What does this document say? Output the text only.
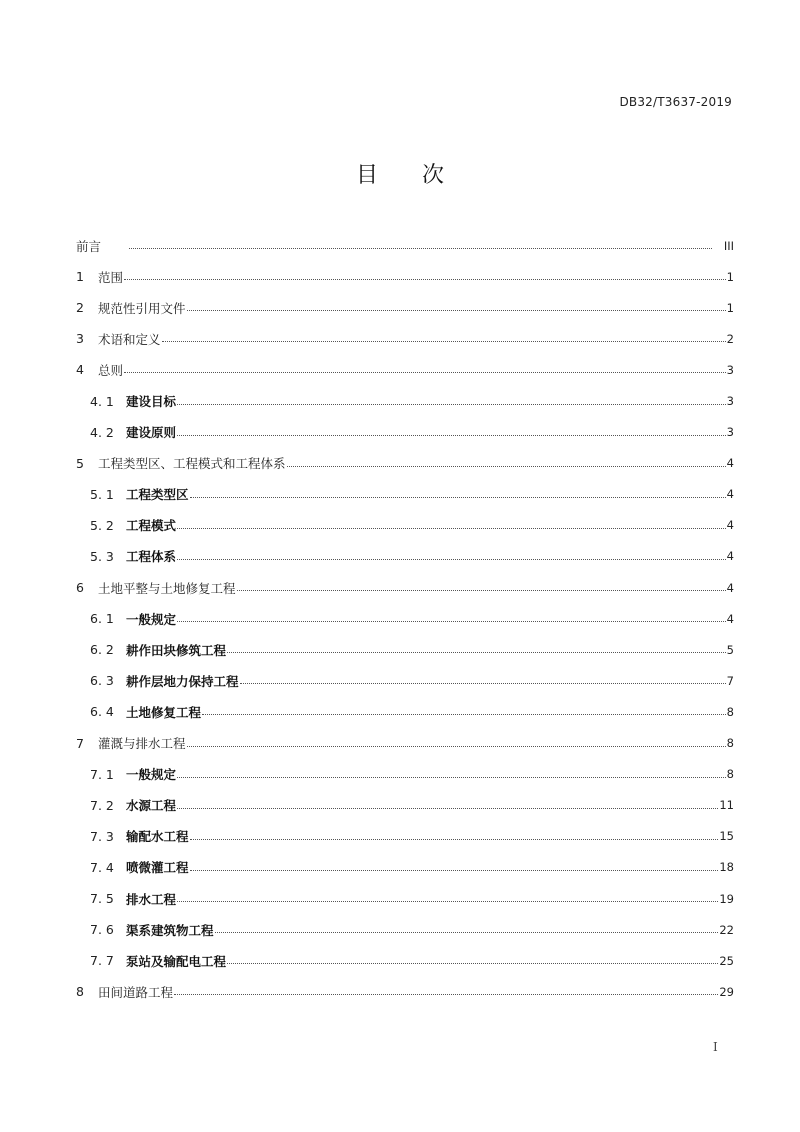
DB32/T3637-2019
目　　次
前言	III
1	范围	1
2	规范性引用文件	1
3	术语和定义	2
4	总则	3
4. 1 建设目标	3
4. 2 建设原则	3
5	工程类型区、工程模式和工程体系	4
5. 1 工程类型区	4
5. 2 工程模式	4
5. 3 工程体系	4
6	土地平整与土地修复工程	4
6. 1 一般规定	4
6. 2 耕作田块修筑工程	5
6. 3 耕作层地力保持工程	7
6. 4 土地修复工程	8
7	灌溉与排水工程	8
7. 1 一般规定	8
7. 2 水源工程	11
7. 3 输配水工程	15
7. 4 喷微灌工程	18
7. 5 排水工程	19
7. 6 渠系建筑物工程	22
7. 7 泵站及输配电工程	25
8	田间道路工程	29
I
